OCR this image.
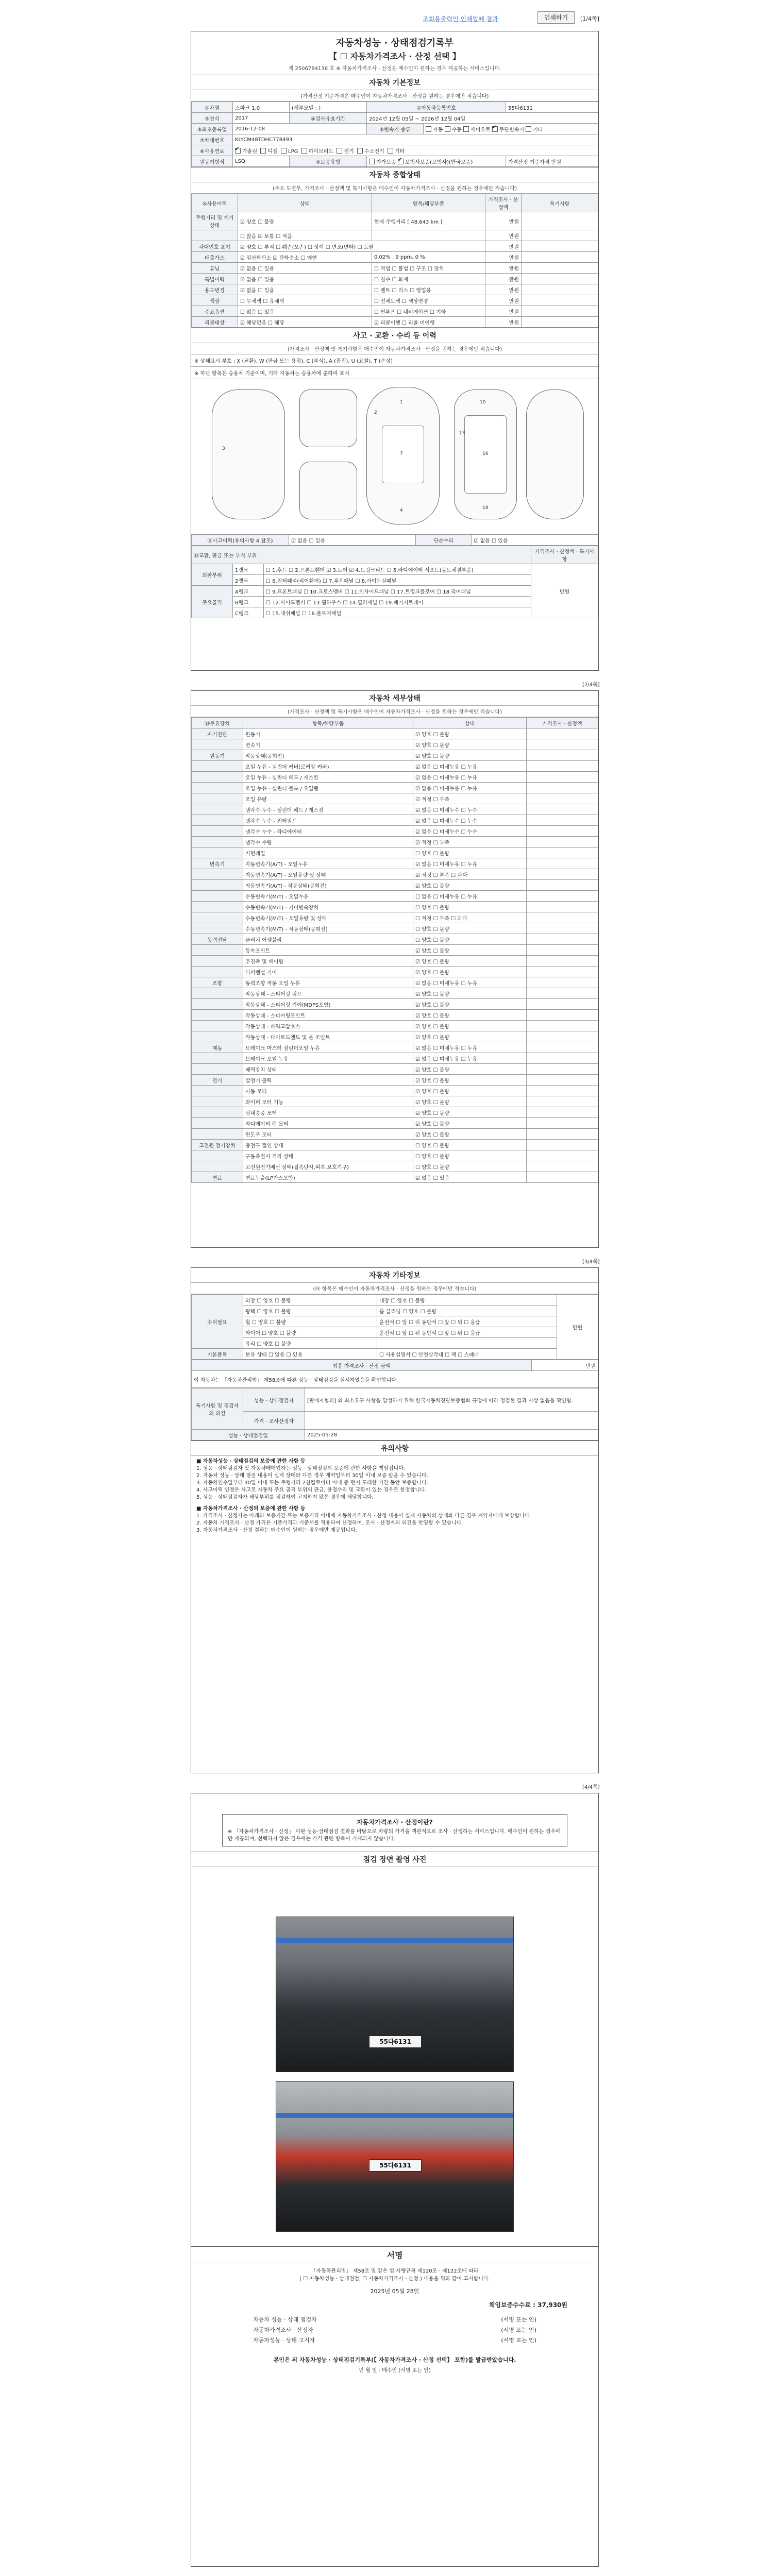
조회용출력인 인쇄일때 결과	인쇄하기	[1/4쪽]
자동차성능 · 상태점검기록부
【 ☐ 자동차가격조사 · 산정 선택 】
제 2506784136 호 ※ 자동차가격조사 · 산정은 매수인이 원하는 경우 제공하는 서비스입니다.
자동차 기본정보
(가격산정 기준가격은 매수인이 자동차가격조사 · 산정을 원하는 경우에만 적습니다)
①차명	스파크 1.0	(세부모델 : )	②자동차등록번호		55다6131
③연식	2017	④검사유효기간	2024년 12월 05일 ~ 2026년 12월 04일		
⑤최초등록일	2016-12-08		⑥변속기 종류	자동 수동 세미오토 ✔ 무단변속기 기타
⑦차대번호	KLYCM48TDHC778493				
⑧사용연료	✔가솔린 디젤 LPG 하이브리드 전기 수소전기 기타
원동기형식	LSQ	⑨보증유형	자가보증 ✔ 보험사보증(보험사)(한국보증)		가격산정 기준가격 만원
자동차 종합상태
(주요 도면부, 가격조사 · 산정액 및 특기사항은 매수인이 자동차가격조사 · 산정을 원하는 경우에만 적습니다)
⑩사용이력	상태	항목/해당부품	가격조사 · 산정액	특기사항
주행거리 및 계기상태	☑ 양호 ☐ 불량	현재 주행거리 [ 48,643 km ]	만원	
	☐ 많음 ☑ 보통 ☐ 적음		만원	
차대번호 표기	☑ 양호 ☐ 부식 ☐ 훼손(오손) ☐ 상이 ☐ 변조(변타) ☐ 도말		만원	
배출가스	☑ 일산화탄소 ☑ 탄화수소 ☐ 매연	0.02% , 9 ppm, 0 %	만원	
튜닝	☑ 없음 ☐ 있음	☐ 적법 ☐ 불법 ☐ 구조 ☐ 장치	만원	
특별이력	☑ 없음 ☐ 있음	☐ 침수 ☐ 화재	만원	
용도변경	☑ 없음 ☐ 있음	☐ 렌트 ☐ 리스 ☐ 영업용	만원	
색상	☐ 무채색 ☐ 유채색	☐ 전체도색 ☐ 색상변경	만원	
주요옵션	☐ 없음 ☐ 있음	☐ 썬루프 ☐ 네비게이션 ☐ 기타	만원	
리콜대상	☑ 해당없음 ☐ 해당	☑ 리콜이행 ☐ 리콜 미이행	만원	
사고 · 교환 · 수리 등 이력
(가격조사 · 산정액 및 특기사항은 매수인이 자동차가격조사 · 산정을 원하는 경우에만 적습니다)
※ 상태표시 부호 : X (교환), W (판금 또는 용접), C (부식), A (흠집), U (요철), T (손상)
※ 하단 항목은 승용차 기준이며, 기타 자동차는 승용차에 준하여 표시
1
2
3
4
7
10
13
16
18
⑪사고이력(유의사항 4 참조)	☑ 없음 ☐ 있음	단순수리	☑ 없음 ☐ 있음
⑫교환, 판금 또는 부식 부위			가격조사 · 산정액 · 특기사항
외판부위	1랭크	☐ 1.후드 ☐ 2.프론트휀더 ☑ 3.도어 ☑ 4.트렁크리드 ☐ 5.라디에이터 서포트(볼트체결부품)	만원
	2랭크	☐ 6.쿼터패널(리어휀더) ☐ 7.루프패널 ☐ 8.사이드실패널	
주요골격	A랭크	☐ 9.프론트패널 ☐ 10.크로스멤버 ☐ 11.인사이드패널 ☐ 17.트렁크플로어 ☐ 18.리어패널	
	B랭크	☐ 12.사이드멤버 ☐ 13.휠하우스 ☐ 14.필러패널 ☐ 19.패키지트레이	
	C랭크	☐ 15.대쉬패널 ☐ 16.플로어패널	
[2/4쪽]
자동차 세부상태
(가격조사 · 산정액 및 특기사항은 매수인이 자동차가격조사 · 산정을 원하는 경우에만 적습니다)
⑬주요장치	항목/해당부품	상태	가격조사 · 산정액
자기진단	원동기	☑ 양호 ☐ 불량	
	변속기	☑ 양호 ☐ 불량	
원동기	작동상태(공회전)	☑ 양호 ☐ 불량	
	오일 누유 - 실린더 커버(로커암 커버)	☑ 없음 ☐ 미세누유 ☐ 누유	
	오일 누유 - 실린더 헤드 / 개스킷	☑ 없음 ☐ 미세누유 ☐ 누유	
	오일 누유 - 실린더 블록 / 오일팬	☑ 없음 ☐ 미세누유 ☐ 누유	
	오일 유량	☑ 적정 ☐ 부족	
	냉각수 누수 - 실린더 헤드 / 개스킷	☑ 없음 ☐ 미세누수 ☐ 누수	
	냉각수 누수 - 워터펌프	☑ 없음 ☐ 미세누수 ☐ 누수	
	냉각수 누수 - 라디에이터	☑ 없음 ☐ 미세누수 ☐ 누수	
	냉각수 수량	☑ 적정 ☐ 부족	
	커먼레일	☐ 양호 ☐ 불량	
변속기	자동변속기(A/T) - 오일누유	☑ 없음 ☐ 미세누유 ☐ 누유	
	자동변속기(A/T) - 오일유량 및 상태	☑ 적정 ☐ 부족 ☐ 과다	
	자동변속기(A/T) - 작동상태(공회전)	☑ 양호 ☐ 불량	
	수동변속기(M/T) - 오일누유	☐ 없음 ☐ 미세누유 ☐ 누유	
	수동변속기(M/T) - 기어변속장치	☐ 양호 ☐ 불량	
	수동변속기(M/T) - 오일유량 및 상태	☐ 적정 ☐ 부족 ☐ 과다	
	수동변속기(M/T) - 작동상태(공회전)	☐ 양호 ☐ 불량	
동력전달	클러치 어셈블리	☐ 양호 ☐ 불량	
	등속조인트	☑ 양호 ☐ 불량	
	추진축 및 베어링	☑ 양호 ☐ 불량	
	디퍼렌셜 기어	☑ 양호 ☐ 불량	
조향	동력조향 작동 오일 누유	☑ 없음 ☐ 미세누유 ☐ 누유	
	작동상태 - 스티어링 펌프	☑ 양호 ☐ 불량	
	작동상태 - 스티어링 기어(MDPS포함)	☑ 양호 ☐ 불량	
	작동상태 - 스티어링조인트	☑ 양호 ☐ 불량	
	작동상태 - 파워고압호스	☑ 양호 ☐ 불량	
	작동상태 - 타이로드엔드 및 볼 조인트	☑ 양호 ☐ 불량	
제동	브레이크 마스터 실린더오일 누유	☑ 없음 ☐ 미세누유 ☐ 누유	
	브레이크 오일 누유	☑ 없음 ☐ 미세누유 ☐ 누유	
	배력장치 상태	☑ 양호 ☐ 불량	
전기	발전기 출력	☑ 양호 ☐ 불량	
	시동 모터	☑ 양호 ☐ 불량	
	와이퍼 모터 기능	☑ 양호 ☐ 불량	
	실내송풍 모터	☑ 양호 ☐ 불량	
	라디에이터 팬 모터	☑ 양호 ☐ 불량	
	윈도우 모터	☑ 양호 ☐ 불량	
고전원 전기장치	충전구 절연 상태	☐ 양호 ☐ 불량	
	구동축전지 격리 상태	☐ 양호 ☐ 불량	
	고전원전기배선 상태(접속단자,피복,보호기구)	☐ 양호 ☐ 불량	
연료	연료누출(LP가스포함)	☑ 없음 ☐ 있음	
[3/4쪽]
자동차 기타정보
(⑭ 항목은 매수인이 자동차가격조사 · 산정을 원하는 경우에만 적습니다)
수리필요	외장 ☐ 양호 ☐ 불량	내장 ☐ 양호 ☐ 불량	만원
	광택 ☐ 양호 ☐ 불량	룸 클리닝 ☐ 양호 ☐ 불량	
	휠 ☐ 양호 ☐ 불량	운전석 ☐ 앞 ☐ 뒤 동반석 ☐ 앞 ☐ 뒤 ☐ 응급	
	타이어 ☐ 양호 ☐ 불량	운전석 ☐ 앞 ☐ 뒤 동반석 ☐ 앞 ☐ 뒤 ☐ 응급	
	유리 ☐ 양호 ☐ 불량		
기본품목	보유 상태 ☐ 없음 ☐ 있음	☐ 사용설명서 ☐ 안전삼각대 ☐ 잭 ☐ 스패너	
최종 가격조사 · 산정 금액	만원
이 자동차는 「자동차관리법」 제58조에 따른 성능 · 상태점검을 실시하였음을 확인합니다.
특기사항 및 점검자의 의견	성능 · 상태점검자	[판매자협의] 외 최소요구 사항을 달성하기 위해 한국자동차진단보증협회 규정에 따라 점검한 결과 이상 없음을 확인함.
	가격 · 조사산정자	
성능 · 상태점검일		2025-05-28
유의사항
■ 자동차성능 · 상태점검의 보증에 관한 사항 등
1. 성능 · 상태점검자 및 자동차매매업자는 성능 · 상태점검의 보증에 관한 사항을 책임집니다.
2. 자동차 성능 · 상태 점검 내용이 실제 상태와 다른 경우 계약일부터 30일 이내 보증 받을 수 있습니다.
3. 자동차인수일부터 30일 이내 또는 주행거리 2천킬로미터 이내 중 먼저 도래한 기간 동안 보증합니다.
4. 사고이력 인정은 사고로 자동차 주요 골격 부위의 판금, 용접수리 및 교환이 있는 경우로 한정합니다.
5. 성능 · 상태점검자가 해당부위를 점검하여 고지하지 않은 경우에 해당합니다.
■ 자동차가격조사 · 산정의 보증에 관한 사항 등
1. 가격조사 · 산정자는 아래의 보증기간 또는 보증거리 이내에 자동차가격조사 · 산정 내용이 실제 자동차의 상태와 다른 경우 계약자에게 보상합니다.
2. 자동차 가격조사 · 산정 가격은 기준가격과 기준서를 적용하여 산정하며, 조사 · 산정자의 의견을 반영할 수 있습니다.
3. 자동차가격조사 · 산정 결과는 매수인이 원하는 경우에만 제공됩니다.
[4/4쪽]
자동차가격조사 · 산정이란?
※ 「자동차가격조사 · 산정」 이란 성능·상태점검 결과를 바탕으로 차량의 가격을 객관적으로 조사 · 산정하는 서비스입니다. 매수인이 원하는 경우에만 제공되며, 선택하지 않은 경우에는 가격 관련 항목이 기재되지 않습니다.
점검 장면 촬영 사진
55다6131
55다6131
서명
「자동차관리법」 제58조 및 같은 법 시행규칙 제120조 · 제122조에 따라
( ☐ 자동차성능 · 상태점검, ☐ 자동차가격조사 · 산정 ) 내용을 위와 같이 고지합니다.
2025년 05월 28일
책임보증수수료 : 37,930원
자동차 성능 · 상태 점검자	(서명 또는 인)
자동차가격조사 · 산정자	(서명 또는 인)
자동차성능 · 상태 고지자	(서명 또는 인)
본인은 위 자동차성능 · 상태점검기록부(【 자동차가격조사 · 산정 선택】 포함)를 발급받았습니다.
년 월 일 · 매수인 (서명 또는 인)
